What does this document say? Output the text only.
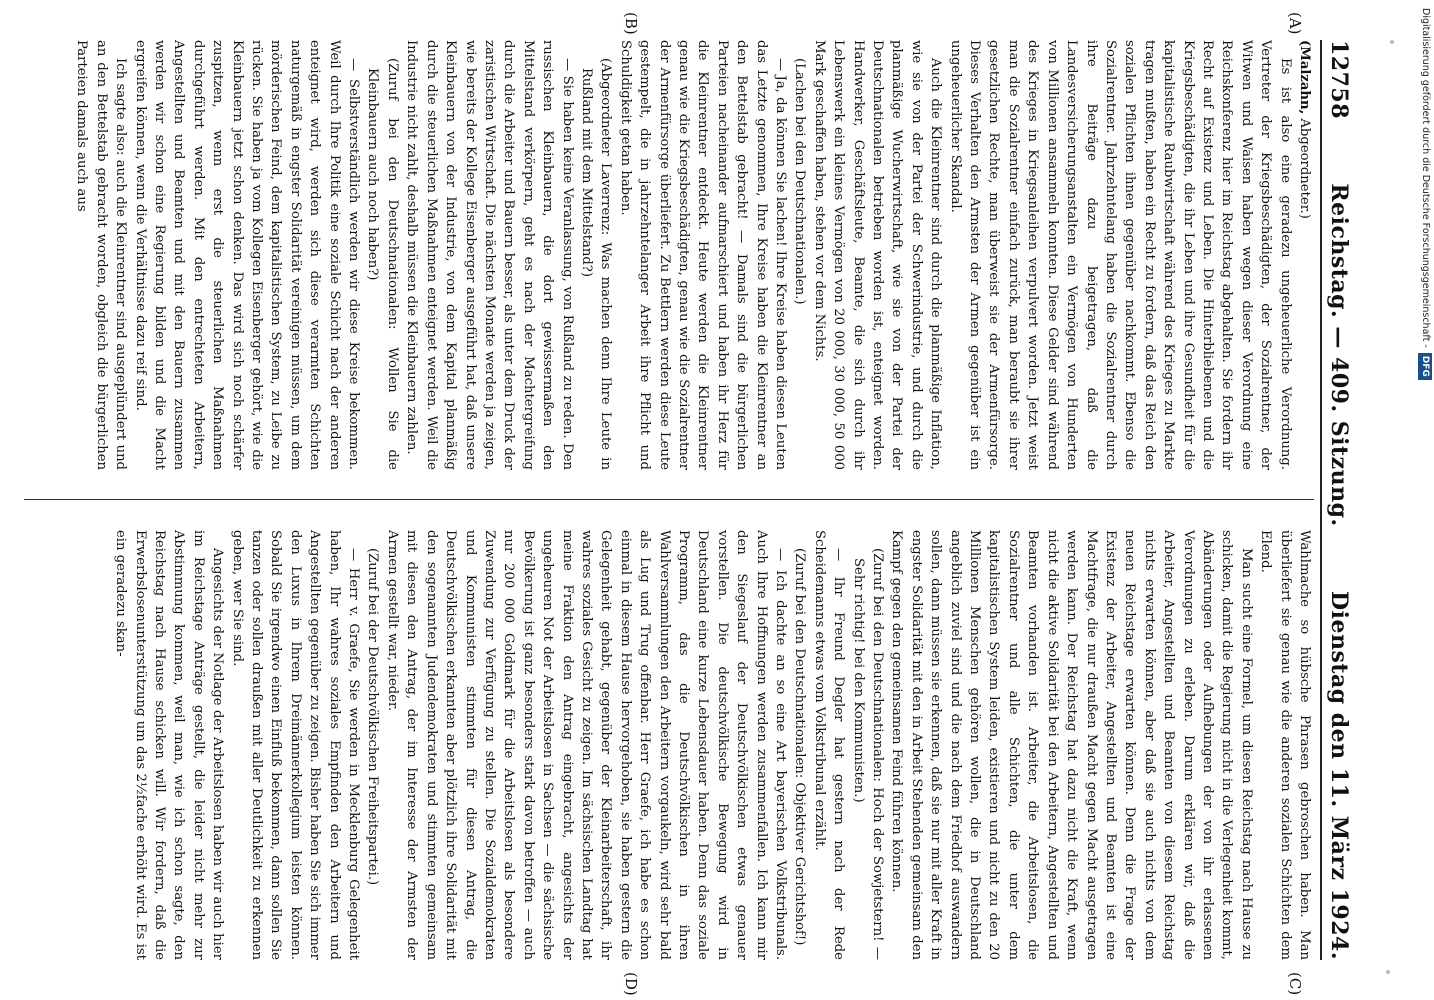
12758
Reichstag. — 409. Sitzung.
Dienstag den 11. März 1924.
(A)
(B)
(C)
(D)

(Malzahn, Abgeordneter.)

Es ist also eine geradezu ungeheuerliche Verordnung. Vertreter der Kriegsbeschädigten, der Sozialrentner, der Witwen und Waisen haben wegen dieser Verordnung eine Reichskonferenz hier im Reichstag abgehalten. Sie fordern ihr Recht auf Existenz und Leben. Die Hinterbliebenen und die Kriegsbeschädigten, die ihr Leben und ihre Gesundheit für die kapitalistische Raubwirtschaft während des Krieges zu Markte tragen mußten, haben ein Recht zu fordern, daß das Reich den sozialen Pflichten ihnen gegenüber nachkommt. Ebenso die Sozialrentner. Jahrzehntelang haben die Sozialrentner durch ihre Beiträge dazu beigetragen, daß die Landesversicherungsanstalten ein Vermögen von Hunderten von Millionen ansammeln konnten. Diese Gelder sind während des Krieges in Kriegsanleihen verpulvert worden. Jetzt weist man die Sozialrentner einfach zurück, man beraubt sie ihrer gesetzlichen Rechte, man überweist sie der Armenfürsorge. Dieses Verhalten den Armsten der Armen gegenüber ist ein ungeheuerlicher Skandal.

Auch die Kleinrentner sind durch die planmäßige Inflation, wie sie von der Partei der Schwerindustrie, und durch die planmäßige Wucherwirtschaft, wie sie von der Partei der Deutschnationalen betrieben worden ist, enteignet worden. Handwerker, Geschäftsleute, Beamte, die sich durch ihr Lebenswerk ein kleines Vermögen von 20 000, 30 000, 50 000 Mark geschaffen haben, stehen vor dem Nichts.

(Lachen bei den Deutschnationalen.)

— Ja, da können Sie lachen! Ihre Kreise haben diesen Leuten das Letzte genommen, Ihre Kreise haben die Kleinrentner an den Bettelstab gebracht! — Damals sind die bürgerlichen Parteien nacheinander aufmarschiert und haben ihr Herz für die Kleinrentner entdeckt. Heute werden die Kleinrentner genau wie die Kriegsbeschädigten, genau wie die Sozialrentner der Armenfürsorge überliefert. Zu Bettlern werden diese Leute gestempelt, die in jahrzehntelanger Arbeit ihre Pflicht und Schuldigkeit getan haben.

(Abgeordneter Laverrenz: Was machen denn Ihre Leute in Rußland mit dem Mittelstand?)

— Sie haben keine Veranlassung, von Rußland zu reden. Den russischen Kleinbauern, die dort gewissermaßen den Mittelstand verkörpern, geht es nach der Machtergreifung durch die Arbeiter und Bauern besser, als unter dem Druck der zaristischen Wirtschaft. Die nächsten Monate werden ja zeigen, wie bereits der Kollege Eisenberger ausgeführt hat, daß unsere Kleinbauern von der Industrie, von dem Kapital planmäßig durch die steuerlichen Maßnahmen enteignet werden. Weil die Industrie nicht zahlt, deshalb müssen die Kleinbauern zahlen.

(Zuruf bei den Deutschnationalen: Wollen Sie die Kleinbauern auch noch haben?)

— Selbstverständlich werden wir diese Kreise bekommen. Weil durch Ihre Politik eine soziale Schicht nach der anderen enteignet wird, werden sich diese verarmten Schichten naturgemäß in engster Solidarität vereinigen müssen, um dem mörderischen Feind, dem kapitalistischen System, zu Leibe zu rücken. Sie haben ja vom Kollegen Eisenberger gehört, wie die Kleinbauern jetzt schon denken. Das wird sich noch schärfer zuspitzen, wenn erst die steuerlichen Maßnahmen durchgeführt werden. Mit den entrechteten Arbeitern, Angestellten und Beamten und mit den Bauern zusammen werden wir schon eine Regierung bilden und die Macht ergreifen können, wenn die Verhältnisse dazu reif sind.

Ich sagte also: auch die Kleinrentner sind ausgeplündert und an den Bettelstab gebracht worden, obgleich die bürgerlichen Parteien damals auch aus

Wahlmache so hübsche Phrasen gebroschen haben. Man überliefert sie genau wie die anderen sozialen Schichten dem Elend.

Man sucht eine Formel, um diesen Reichstag nach Hause zu schicken, damit die Regierung nicht in die Verlegenheit kommt, Abänderungen oder Aufhebungen der von ihr erlassenen Verordnungen zu erleben. Darum erklären wir, daß die Arbeiter, Angestellten und Beamten von diesem Reichstag nichts erwarten können, aber daß sie auch nichts von dem neuen Reichstage erwarten können. Denn die Frage der Existenz der Arbeiter, Angestellten und Beamten ist eine Machtfrage, die nur draußen Macht gegen Macht ausgetragen werden kann. Der Reichstag hat dazu nicht die Kraft, wenn nicht die aktive Solidarität bei den Arbeitern, Angestellten und Beamten vorhanden ist. Arbeiter, die Arbeitslosen, die Sozialrentner und alle Schichten, die unter dem kapitalistischen System leiden, existieren und nicht zu den 20 Millionen Menschen gehören wollen, die in Deutschland angeblich zuviel sind und die nach dem Friedhof auswandern sollen, dann müssen sie erkennen, daß sie nur mit aller Kraft in engster Solidarität mit den in Arbeit Stehenden gemeinsam den Kampf gegen den gemeinsamen Feind führen können.

(Zuruf bei den Deutschnationalen: Hoch der Sowjetstern! — Sehr richtig! bei den Kommunisten.)

— Ihr Freund Degler hat gestern nach der Rede Scheidemanns etwas vom Volkstribunal erzählt.

(Zuruf bei den Deutschnationalen: Objektiver Gerichtshof!)

— Ich dachte an so eine Art bayerischen Volkstribunals. Auch Ihre Hoffnungen werden zusammenfallen. Ich kann mir den Siegeslauf der Deutschvölkischen etwas genauer vorstellen. Die deutschvölkische Bewegung wird in Deutschland eine kurze Lebensdauer haben. Denn das soziale Programm, das die Deutschvölkischen in ihren Wahlversammlungen den Arbeitern vorgaukeln, wird sehr bald als Lug und Trug offenbar. Herr Graefe, ich habe es schon einmal in diesem Hause hervorgehoben, sie haben gestern die Gelegenheit gehabt, gegenüber der Kleinarbeiterschaft, ihr wahres soziales Gesicht zu zeigen. Im sächsischen Landtag hat meine Fraktion den Antrag eingebracht, angesichts der ungeheuren Not der Arbeitslosen in Sachsen — die sächsische Bevölkerung ist ganz besonders stark davon betroffen — auch nur 200 000 Goldmark für die Arbeitslosen als besondere Zuwendung zur Verfügung zu stellen. Die Sozialdemokraten und Kommunisten stimmten für diesen Antrag, die Deutschvölkischen erkannten aber plötzlich ihre Solidarität mit den sogenannten Judendemokraten und stimmten gemeinsam mit diesen den Antrag, der im Interesse der Armsten der Armen gestellt war, nieder.

(Zuruf bei der Deutschvölkischen Freiheitspartei.)

— Herr v. Graefe, Sie werden in Mecklenburg Gelegenheit haben, Ihr wahres soziales Empfinden den Arbeitern und Angestellten gegenüber zu zeigen. Bisher haben Sie sich immer den Luxus in Ihrem Dreimännerkollegium leisten können. Sobald Sie irgendwo einen Einfluß bekommen, dann sollen Sie tanzen oder sollen draußen mit aller Deutlichkeit zu erkennen geben, wer Sie sind.

Angesichts der Notlage der Arbeitslosen haben wir auch hier im Reichstage Anträge gestellt, die leider nicht mehr zur Abstimmung kommen, weil man, wie ich schon sagte, den Reichstag nach Hause schicken will. Wir fordern, daß die Erwerbslosenunterstützung um das 2½fache erhöht wird. Es ist ein geradezu skan-

Digitalisierung gefördert durch die Deutsche Forschungsgemeinschaft - DFG
